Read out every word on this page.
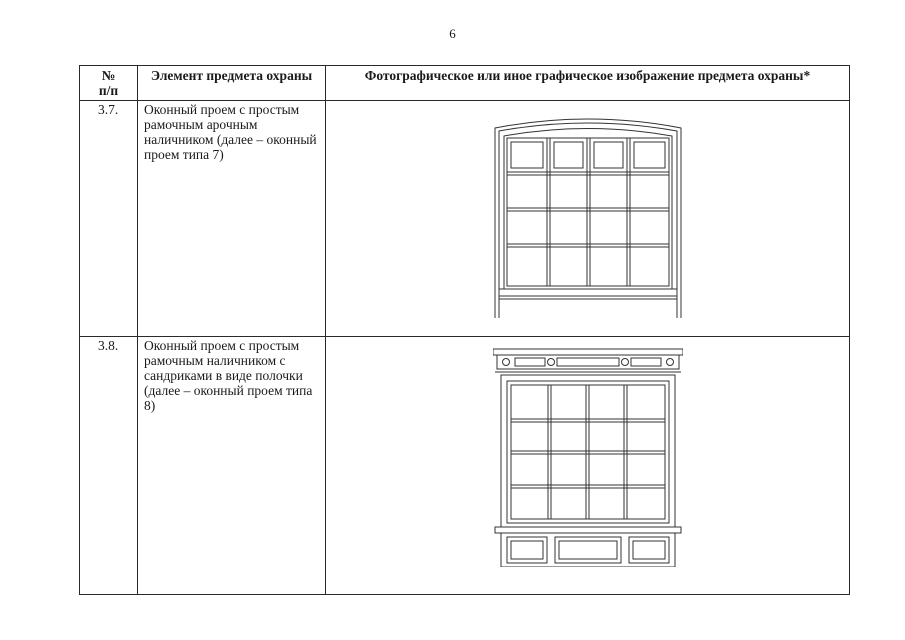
6
№
п/п	Элемент предмета охраны	Фотографическое или иное графическое изображение предмета охраны*
3.7.	Оконный проем с простым рамочным арочным наличником (далее – оконный проем типа 7)	

3.8.	Оконный проем с простым рамочным наличником с сандриками в виде полочки (далее – оконный проем типа 8)	
